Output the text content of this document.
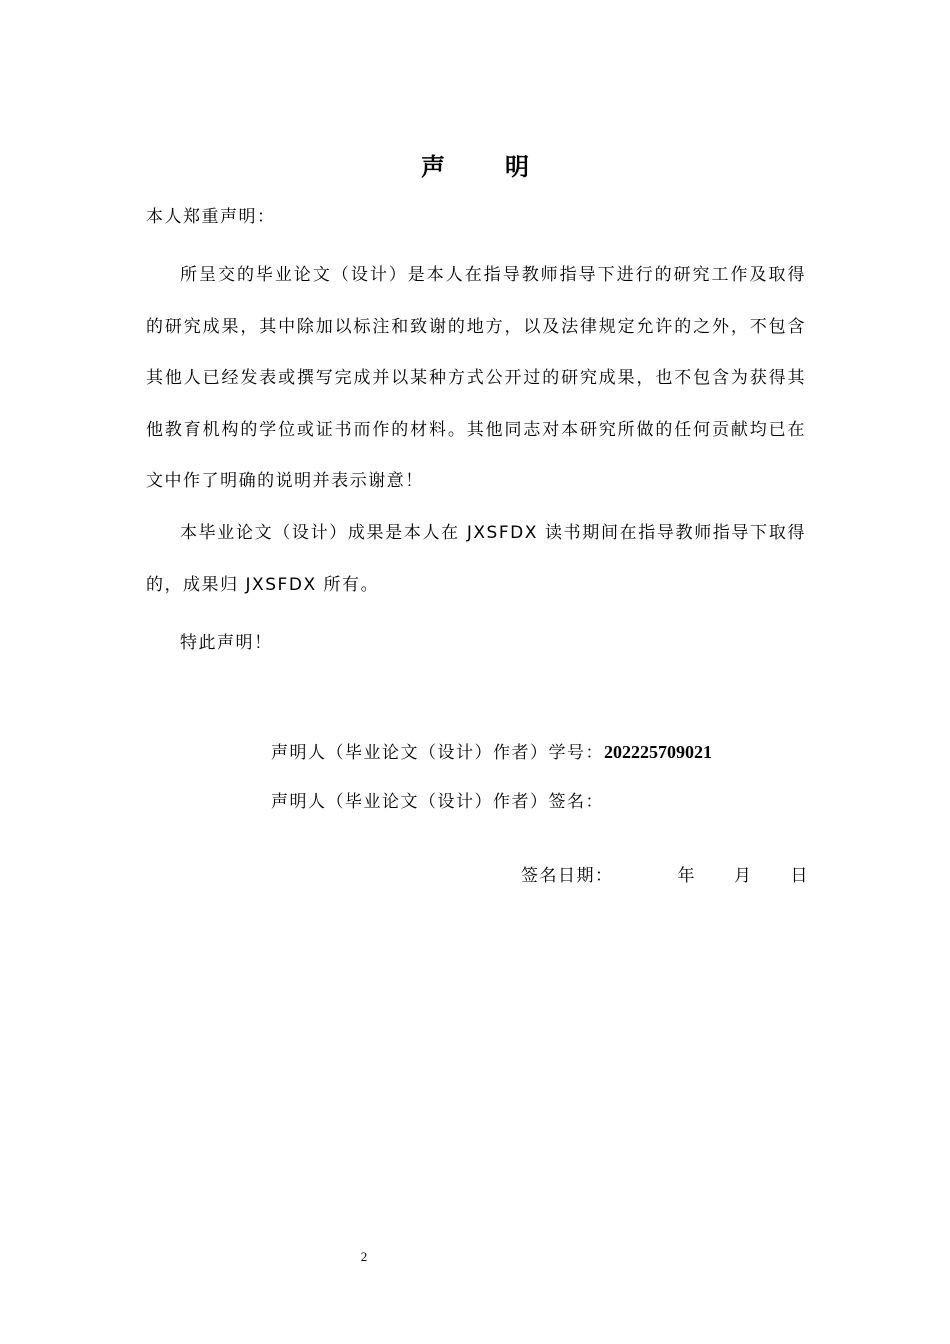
声	明
本人郑重声明：

所呈交的毕业论文（设计）是本人在指导教师指导下进行的研究工作及取得的研究成果，其中除加以标注和致谢的地方，以及法律规定允许的之外，不包含其他人已经发表或撰写完成并以某种方式公开过的研究成果，也不包含为获得其他教育机构的学位或证书而作的材料。其他同志对本研究所做的任何贡献均已在文中作了明确的说明并表示谢意！

本毕业论文（设计）成果是本人在 JXSFDX 读书期间在指导教师指导下取得的，成果归 JXSFDX 所有。

特此声明！

声明人（毕业论文（设计）作者）学号：202225709021
声明人（毕业论文（设计）作者）签名：
签名日期：	年 月 日
2
